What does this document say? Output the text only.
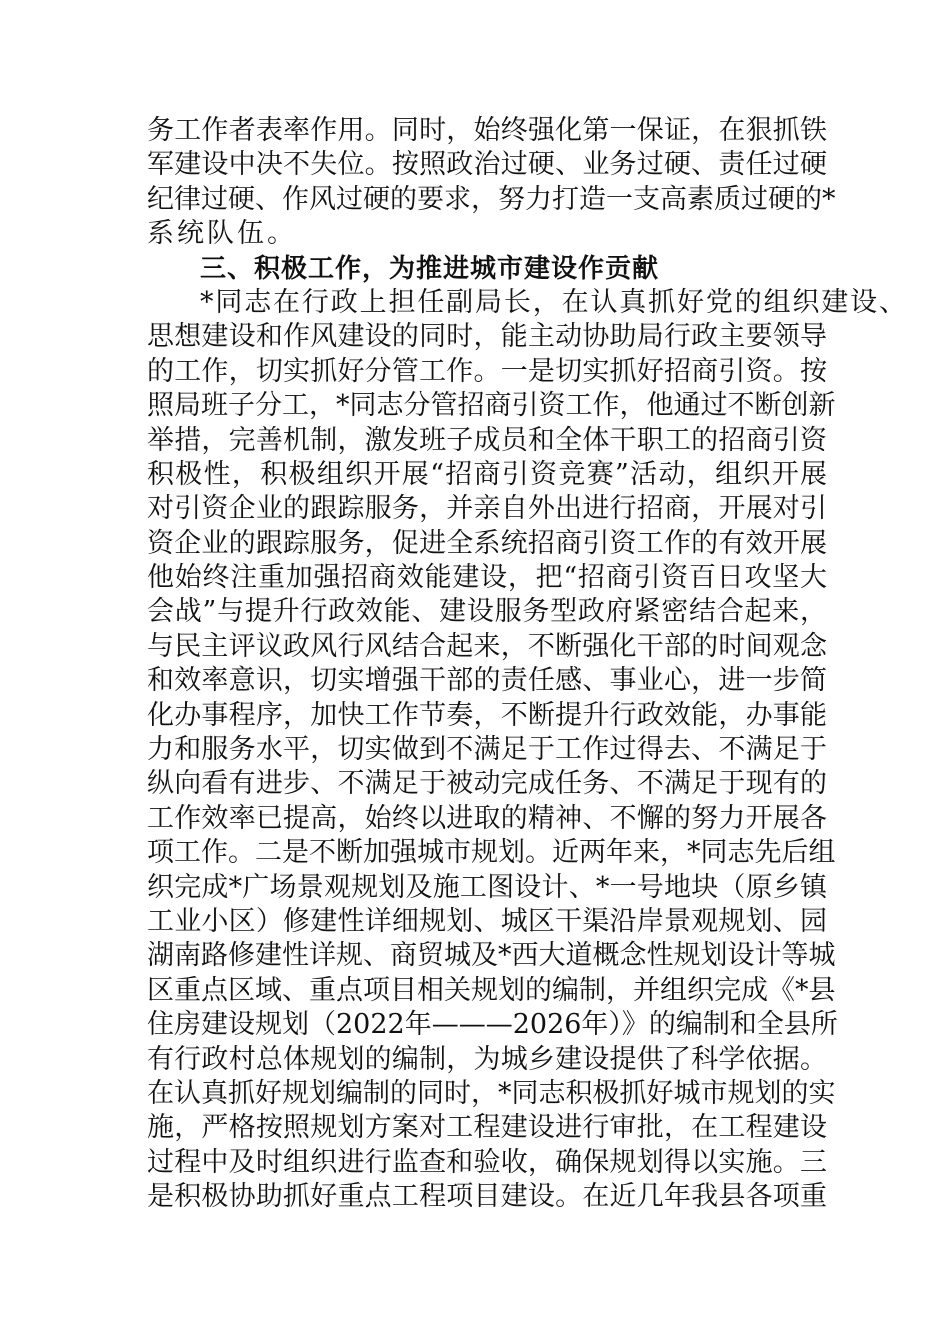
务工作者表率作用。同时，始终强化第一保证，在狠抓铁
军建设中决不失位。按照政治过硬、业务过硬、责任过硬
纪律过硬、作风过硬的要求，努力打造一支高素质过硬的*
系统队伍。
三、积极工作，为推进城市建设作贡献
*同志在行政上担任副局长，在认真抓好党的组织建设、
思想建设和作风建设的同时，能主动协助局行政主要领导
的工作，切实抓好分管工作。一是切实抓好招商引资。按
照局班子分工，*同志分管招商引资工作，他通过不断创新
举措，完善机制，激发班子成员和全体干职工的招商引资
积极性，积极组织开展“招商引资竞赛”活动，组织开展
对引资企业的跟踪服务，并亲自外出进行招商，开展对引
资企业的跟踪服务，促进全系统招商引资工作的有效开展
他始终注重加强招商效能建设，把“招商引资百日攻坚大
会战”与提升行政效能、建设服务型政府紧密结合起来，
与民主评议政风行风结合起来，不断强化干部的时间观念
和效率意识，切实增强干部的责任感、事业心，进一步简
化办事程序，加快工作节奏，不断提升行政效能，办事能
力和服务水平，切实做到不满足于工作过得去、不满足于
纵向看有进步、不满足于被动完成任务、不满足于现有的
工作效率已提高，始终以进取的精神、不懈的努力开展各
项工作。二是不断加强城市规划。近两年来，*同志先后组
织完成*广场景观规划及施工图设计、*一号地块（原乡镇
工业小区）修建性详细规划、城区干渠沿岸景观规划、园
湖南路修建性详规、商贸城及*西大道概念性规划设计等城
区重点区域、重点项目相关规划的编制，并组织完成《*县
住房建设规划（2022年———2026年）》的编制和全县所
有行政村总体规划的编制，为城乡建设提供了科学依据。
在认真抓好规划编制的同时，*同志积极抓好城市规划的实
施，严格按照规划方案对工程建设进行审批，在工程建设
过程中及时组织进行监查和验收，确保规划得以实施。三
是积极协助抓好重点工程项目建设。在近几年我县各项重
